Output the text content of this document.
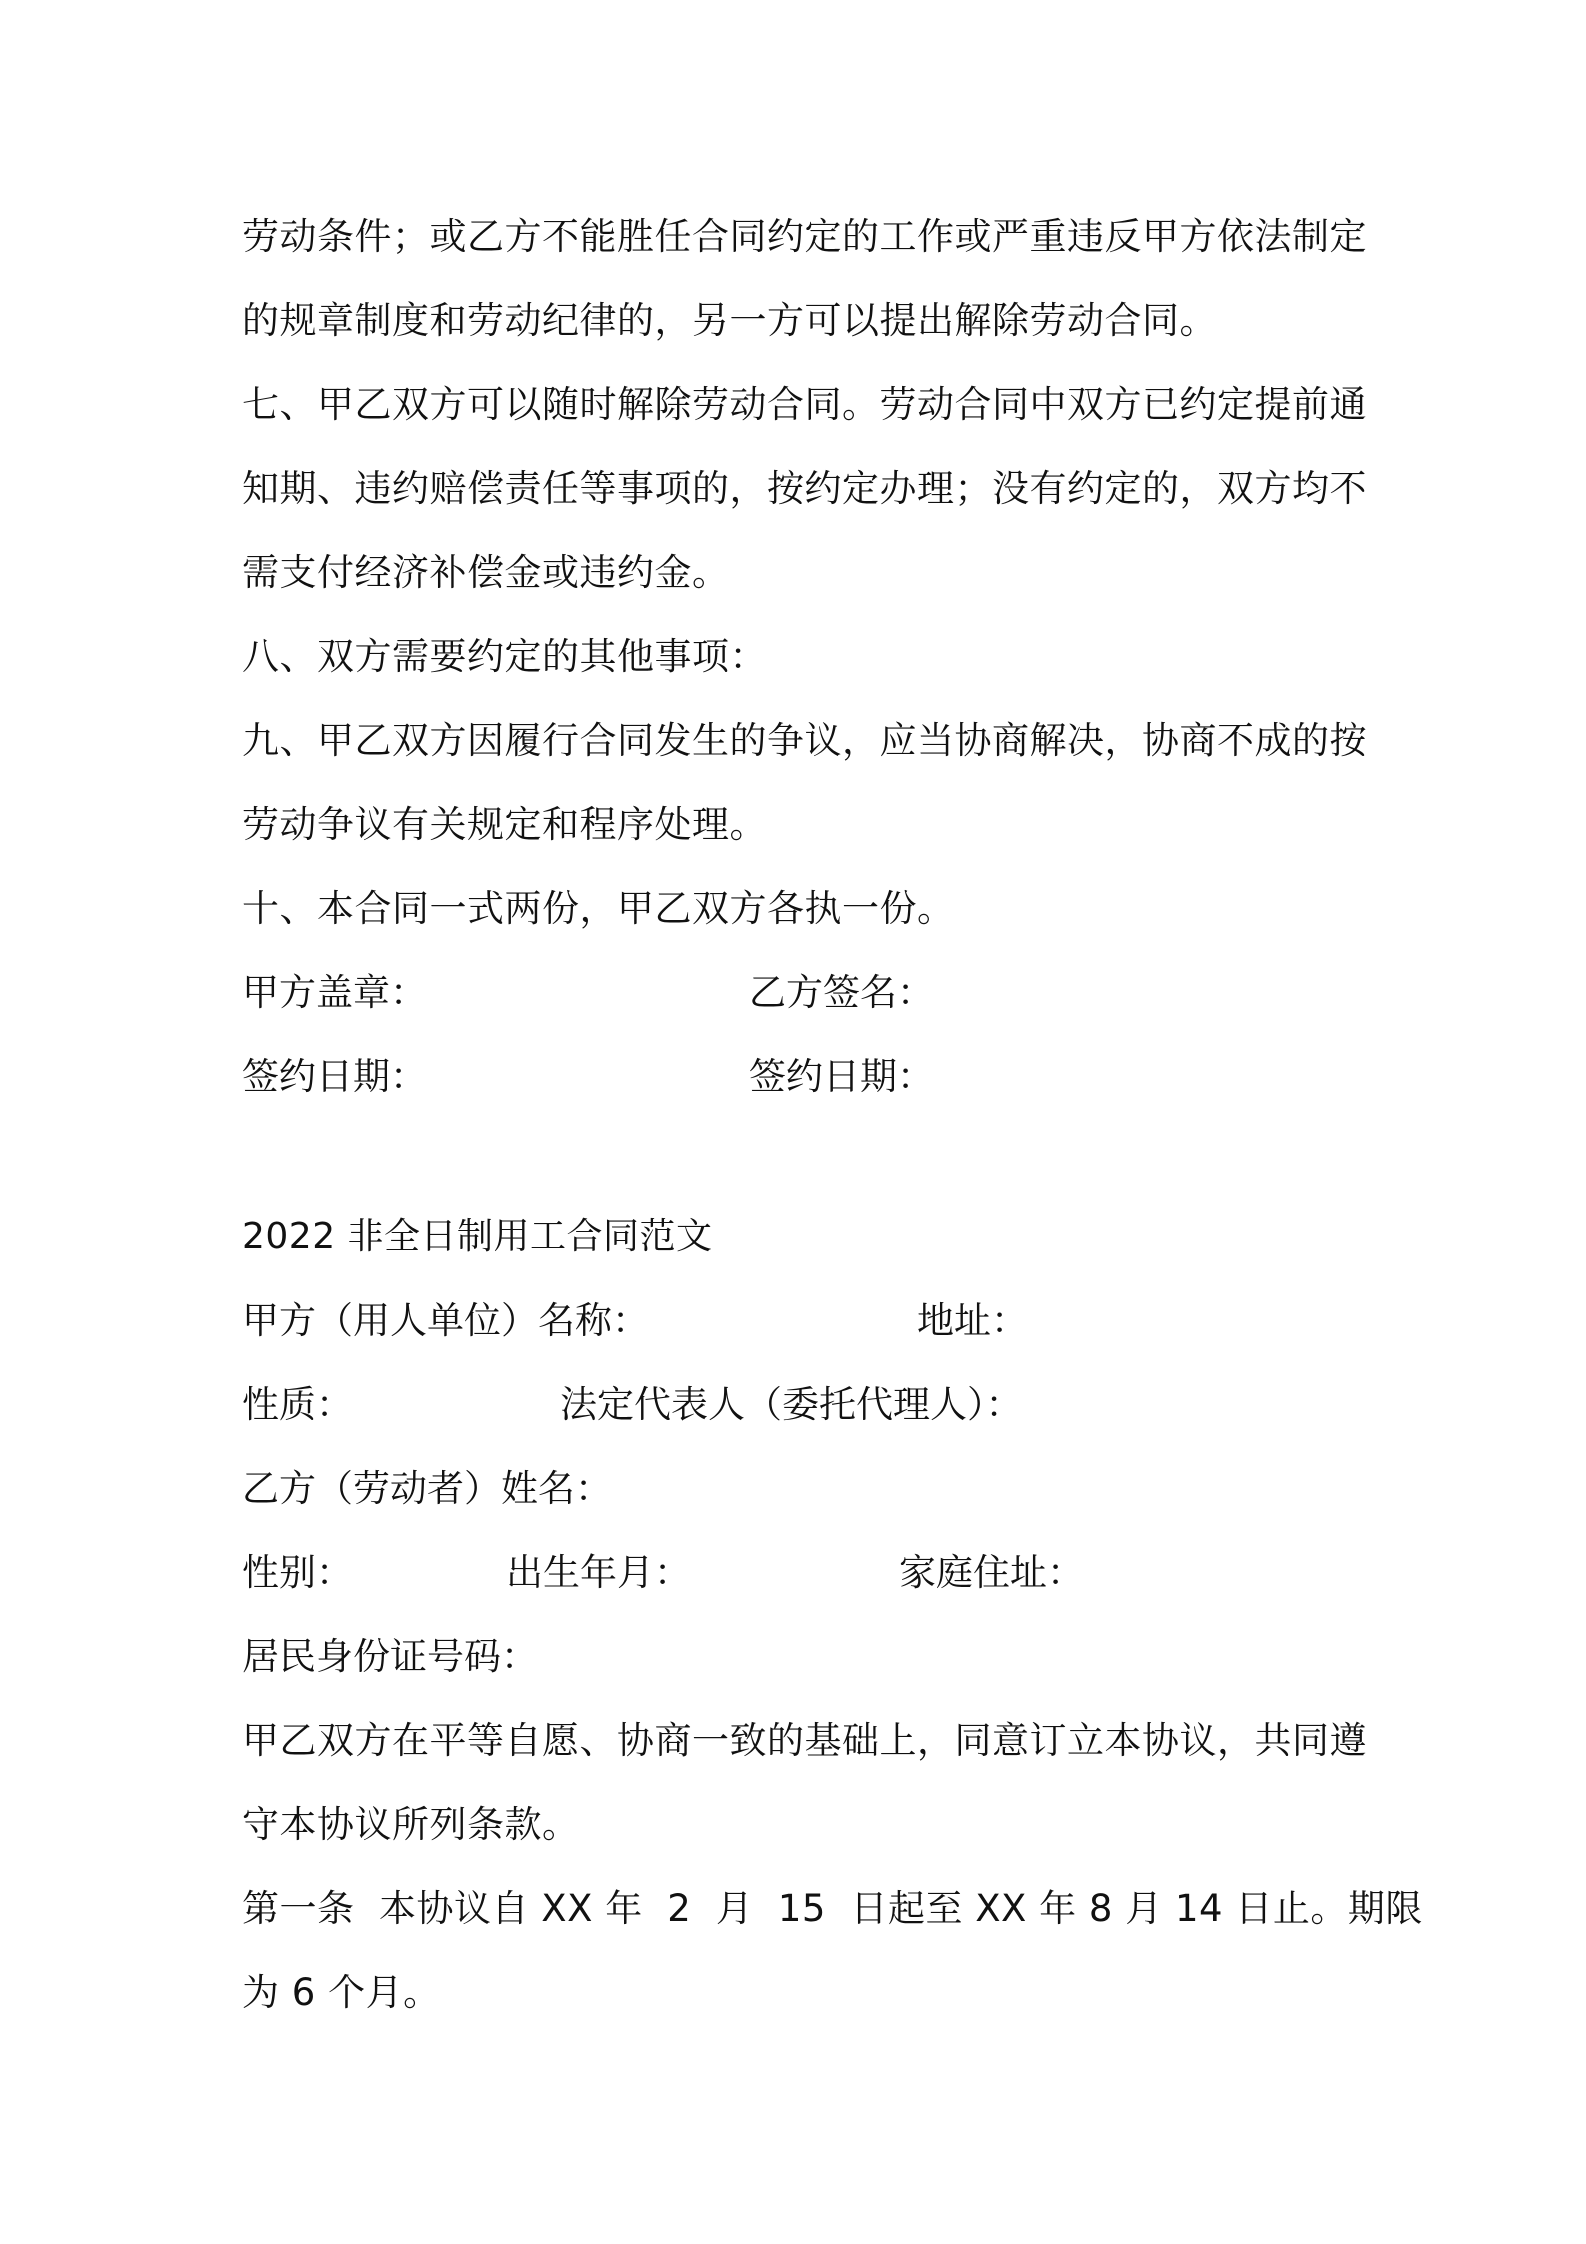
劳动条件；或乙方不能胜任合同约定的工作或严重违反甲方依法制定
的规章制度和劳动纪律的，另一方可以提出解除劳动合同。
七、甲乙双方可以随时解除劳动合同。劳动合同中双方已约定提前通
知期、违约赔偿责任等事项的，按约定办理；没有约定的，双方均不
需支付经济补偿金或违约金。
八、双方需要约定的其他事项：
九、甲乙双方因履行合同发生的争议，应当协商解决，协商不成的按
劳动争议有关规定和程序处理。
十、本合同一式两份，甲乙双方各执一份。
甲方盖章：	乙方签名：
签约日期：	签约日期：
2022 非全日制用工合同范文
甲方（用人单位）名称：	地址：
性质：	法定代表人（委托代理人）：
乙方（劳动者）姓名：
性别：	出生年月：	家庭住址：
居民身份证号码：
甲乙双方在平等自愿、协商一致的基础上，同意订立本协议，共同遵
守本协议所列条款。
第一条  本协议自 XX 年  2  月  15  日起至 XX 年 8 月 14 日止。期限
为 6 个月。
